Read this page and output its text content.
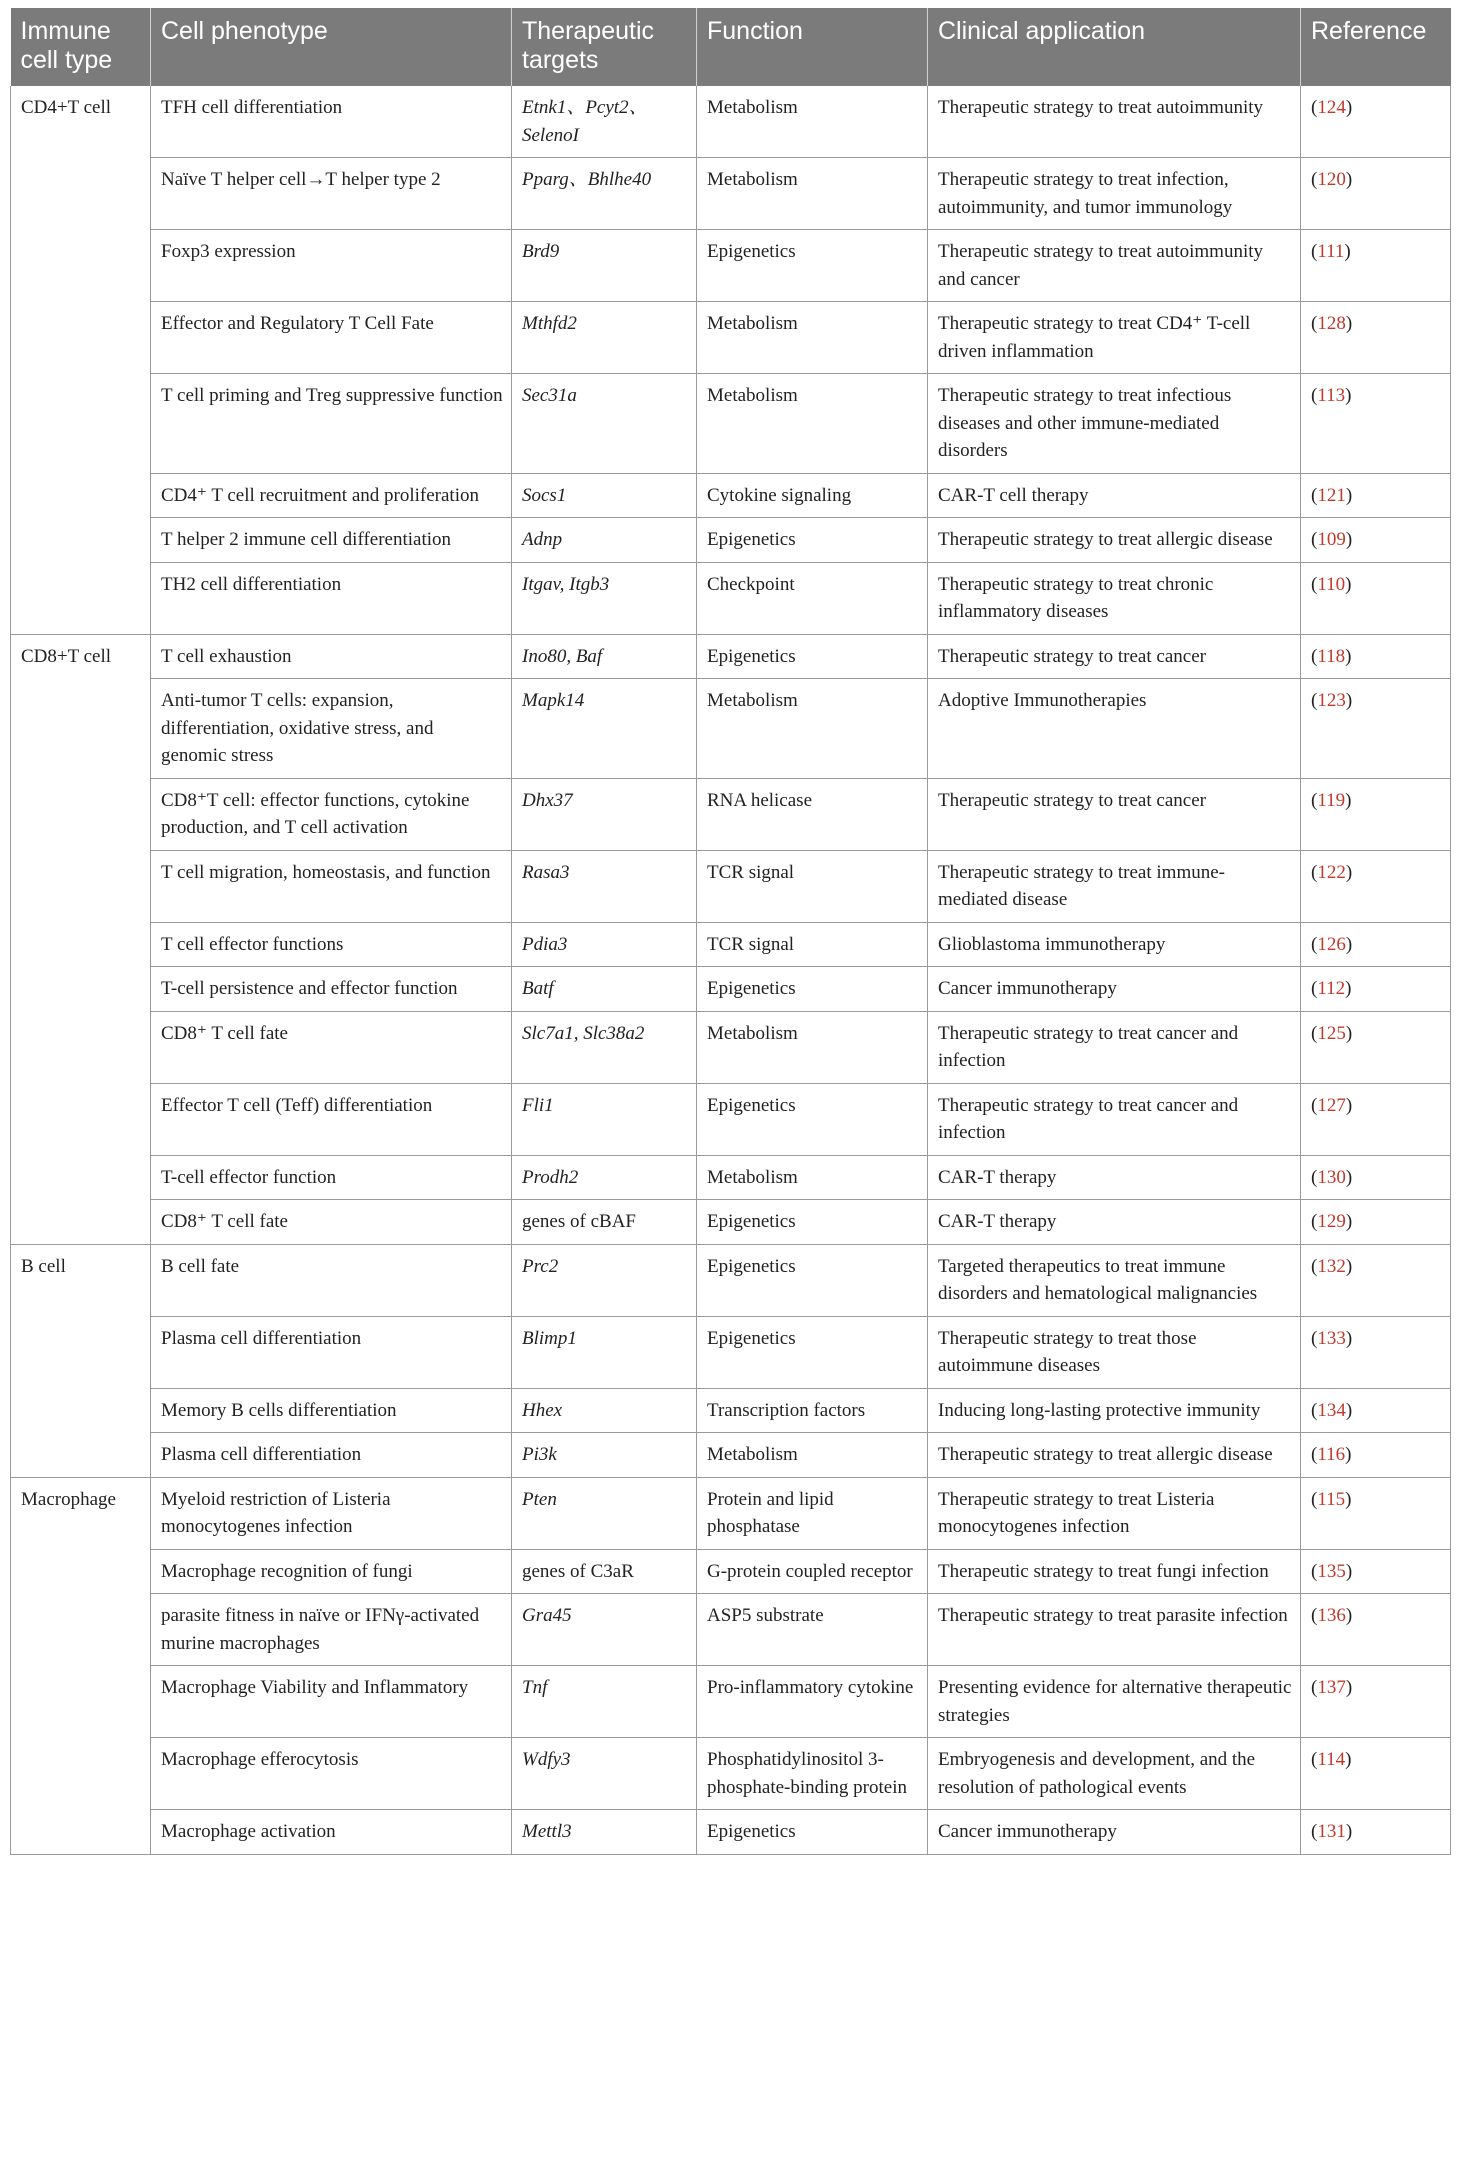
Immune cell type	Cell phenotype	Therapeutic targets	Function	Clinical application	Reference
CD4+T cell	TFH cell differentiation	Etnk1、Pcyt2、SelenoI	Metabolism	Therapeutic strategy to treat autoimmunity	(124)
	Naïve T helper cell→T helper type 2	Pparg、Bhlhe40	Metabolism	Therapeutic strategy to treat infection, autoimmunity, and tumor immunology	(120)
	Foxp3 expression	Brd9	Epigenetics	Therapeutic strategy to treat autoimmunity and cancer	(111)
	Effector and Regulatory T Cell Fate	Mthfd2	Metabolism	Therapeutic strategy to treat CD4⁺ T-cell driven inflammation	(128)
	T cell priming and Treg suppressive function	Sec31a	Metabolism	Therapeutic strategy to treat infectious diseases and other immune-mediated disorders	(113)
	CD4⁺ T cell recruitment and proliferation	Socs1	Cytokine signaling	CAR-T cell therapy	(121)
	T helper 2 immune cell differentiation	Adnp	Epigenetics	Therapeutic strategy to treat allergic disease	(109)
	TH2 cell differentiation	Itgav, Itgb3	Checkpoint	Therapeutic strategy to treat chronic inflammatory diseases	(110)
CD8+T cell	T cell exhaustion	Ino80, Baf	Epigenetics	Therapeutic strategy to treat cancer	(118)
	Anti-tumor T cells: expansion, differentiation, oxidative stress, and genomic stress	Mapk14	Metabolism	Adoptive Immunotherapies	(123)
	CD8⁺T cell: effector functions, cytokine production, and T cell activation	Dhx37	RNA helicase	Therapeutic strategy to treat cancer	(119)
	T cell migration, homeostasis, and function	Rasa3	TCR signal	Therapeutic strategy to treat immune-mediated disease	(122)
	T cell effector functions	Pdia3	TCR signal	Glioblastoma immunotherapy	(126)
	T-cell persistence and effector function	Batf	Epigenetics	Cancer immunotherapy	(112)
	CD8⁺ T cell fate	Slc7a1, Slc38a2	Metabolism	Therapeutic strategy to treat cancer and infection	(125)
	Effector T cell (Teff) differentiation	Fli1	Epigenetics	Therapeutic strategy to treat cancer and infection	(127)
	T-cell effector function	Prodh2	Metabolism	CAR-T therapy	(130)
	CD8⁺ T cell fate	genes of cBAF	Epigenetics	CAR-T therapy	(129)
B cell	B cell fate	Prc2	Epigenetics	Targeted therapeutics to treat immune disorders and hematological malignancies	(132)
	Plasma cell differentiation	Blimp1	Epigenetics	Therapeutic strategy to treat those autoimmune diseases	(133)
	Memory B cells differentiation	Hhex	Transcription factors	Inducing long-lasting protective immunity	(134)
	Plasma cell differentiation	Pi3k	Metabolism	Therapeutic strategy to treat allergic disease	(116)
Macrophage	Myeloid restriction of Listeria monocytogenes infection	Pten	Protein and lipid phosphatase	Therapeutic strategy to treat Listeria monocytogenes infection	(115)
	Macrophage recognition of fungi	genes of C3aR	G-protein coupled receptor	Therapeutic strategy to treat fungi infection	(135)
	parasite fitness in naïve or IFNγ-activated murine macrophages	Gra45	ASP5 substrate	Therapeutic strategy to treat parasite infection	(136)
	Macrophage Viability and Inflammatory	Tnf	Pro-inflammatory cytokine	Presenting evidence for alternative therapeutic strategies	(137)
	Macrophage efferocytosis	Wdfy3	Phosphatidylinositol 3-phosphate-binding protein	Embryogenesis and development, and the resolution of pathological events	(114)
	Macrophage activation	Mettl3	Epigenetics	Cancer immunotherapy	(131)
